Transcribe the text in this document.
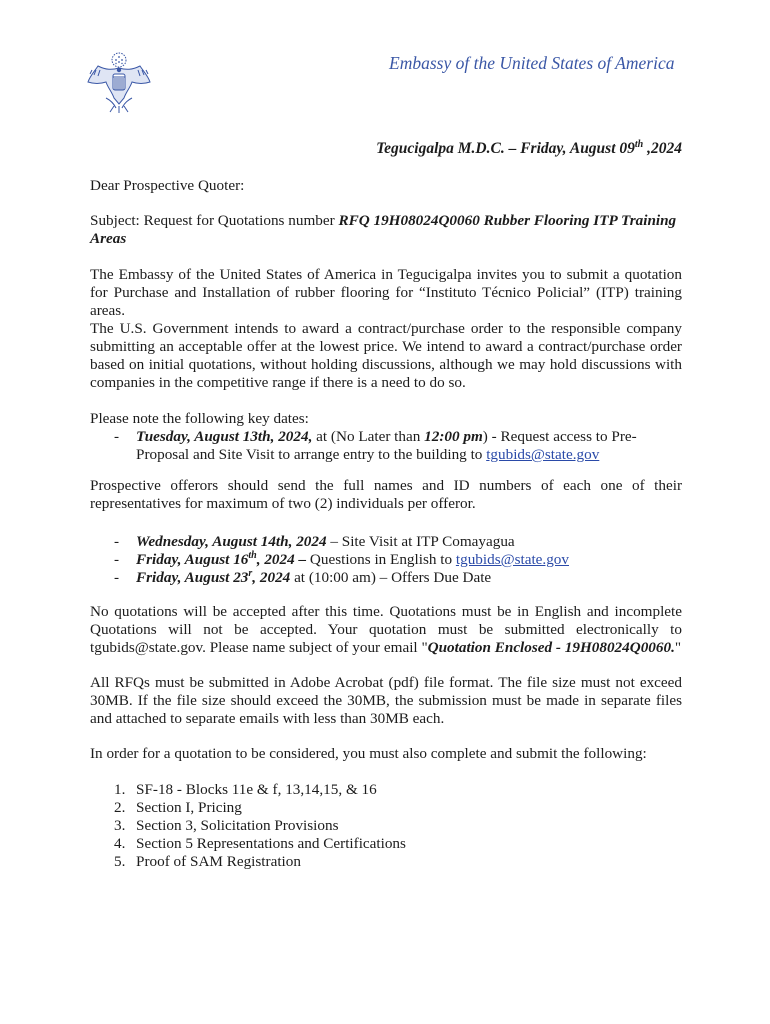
Embassy of the United States of America
Tegucigalpa M.D.C. – Friday, August 09th ,2024
Dear Prospective Quoter:
Subject: Request for Quotations number RFQ 19H08024Q0060 Rubber Flooring ITP Training Areas
The Embassy of the United States of America in Tegucigalpa invites you to submit a quotation for Purchase and Installation of rubber flooring for “Instituto Técnico Policial” (ITP) training areas.
The U.S. Government intends to award a contract/purchase order to the responsible company submitting an acceptable offer at the lowest price. We intend to award a contract/purchase order based on initial quotations, without holding discussions, although we may hold discussions with companies in the competitive range if there is a need to do so.
Please note the following key dates:
- Tuesday, August 13th, 2024, at (No Later than 12:00 pm) - Request access to Pre-Proposal and Site Visit to arrange entry to the building to tgubids@state.gov
Prospective offerors should send the full names and ID numbers of each one of their representatives for maximum of two (2) individuals per offeror.
- Wednesday, August 14th, 2024 – Site Visit at ITP Comayagua
- Friday, August 16th, 2024 – Questions in English to tgubids@state.gov
- Friday, August 23$^r$, 2024 at (10:00 am) – Offers Due Date
No quotations will be accepted after this time. Quotations must be in English and incomplete Quotations will not be accepted. Your quotation must be submitted electronically to tgubids@state.gov. Please name subject of your email "Quotation Enclosed - 19H08024Q0060."
All RFQs must be submitted in Adobe Acrobat (pdf) file format. The file size must not exceed 30MB. If the file size should exceed the 30MB, the submission must be made in separate files and attached to separate emails with less than 30MB each.
In order for a quotation to be considered, you must also complete and submit the following:
1. SF-18 - Blocks 11e & f, 13,14,15, & 16
2. Section I, Pricing
3. Section 3, Solicitation Provisions
4. Section 5 Representations and Certifications
5. Proof of SAM Registration
